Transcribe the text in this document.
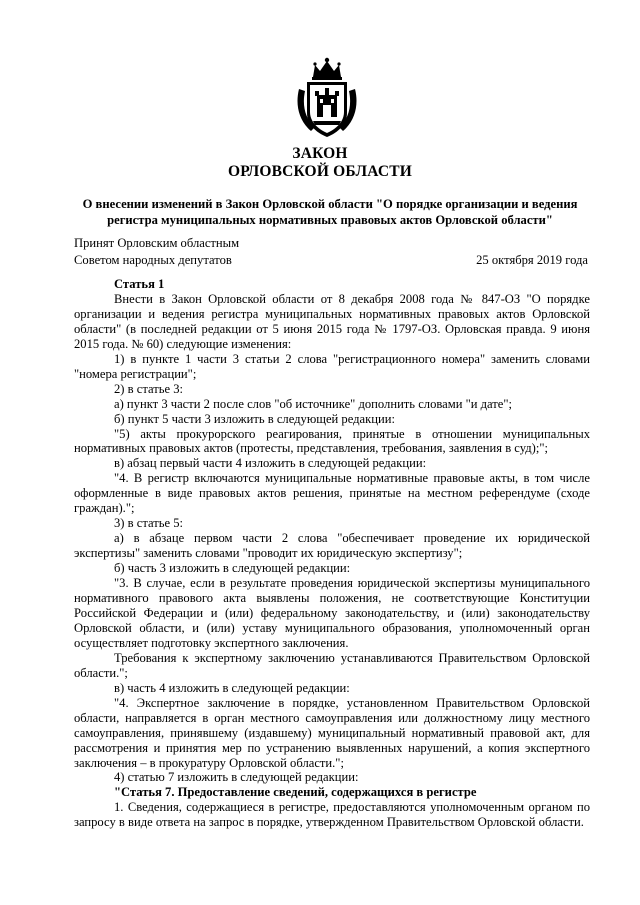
ЗАКОН
ОРЛОВСКОЙ ОБЛАСТИ
О внесении изменений в Закон Орловской области "О порядке организации и ведения регистра муниципальных нормативных правовых актов Орловской области"
Принят Орловским областным
Советом народных депутатов	25 октября 2019 года

Статья 1

Внести в Закон Орловской области от 8 декабря 2008 года № 847-ОЗ "О порядке организации и ведения регистра муниципальных нормативных правовых актов Орловской области" (в последней редакции от 5 июня 2015 года № 1797-ОЗ. Орловская правда. 9 июня 2015 года. № 60) следующие изменения:

1) в пункте 1 части 3 статьи 2 слова "регистрационного номера" заменить словами "номера регистрации";

2) в статье 3:

а) пункт 3 части 2 после слов "об источнике" дополнить словами "и дате";

б) пункт 5 части 3 изложить в следующей редакции:

"5) акты прокурорского реагирования, принятые в отношении муниципальных нормативных правовых актов (протесты, представления, требования, заявления в суд);";

в) абзац первый части 4 изложить в следующей редакции:

"4. В регистр включаются муниципальные нормативные правовые акты, в том числе оформленные в виде правовых актов решения, принятые на местном референдуме (сходе граждан).";

3) в статье 5:

а) в абзаце первом части 2 слова "обеспечивает проведение их юридической экспертизы" заменить словами "проводит их юридическую экспертизу";

б) часть 3 изложить в следующей редакции:

"3. В случае, если в результате проведения юридической экспертизы муниципального нормативного правового акта выявлены положения, не соответствующие Конституции Российской Федерации и (или) федеральному законодательству, и (или) законодательству Орловской области, и (или) уставу муниципального образования, уполномоченный орган осуществляет подготовку экспертного заключения.

Требования к экспертному заключению устанавливаются Правительством Орловской области.";

в) часть 4 изложить в следующей редакции:

"4. Экспертное заключение в порядке, установленном Правительством Орловской области, направляется в орган местного самоуправления или должностному лицу местного самоуправления, принявшему (издавшему) муниципальный нормативный правовой акт, для рассмотрения и принятия мер по устранению выявленных нарушений, а копия экспертного заключения – в прокуратуру Орловской области.";

4) статью 7 изложить в следующей редакции:

"Статья 7. Предоставление сведений, содержащихся в регистре

1. Сведения, содержащиеся в регистре, предоставляются уполномоченным органом по запросу в виде ответа на запрос в порядке, утвержденном Правительством Орловской области.
